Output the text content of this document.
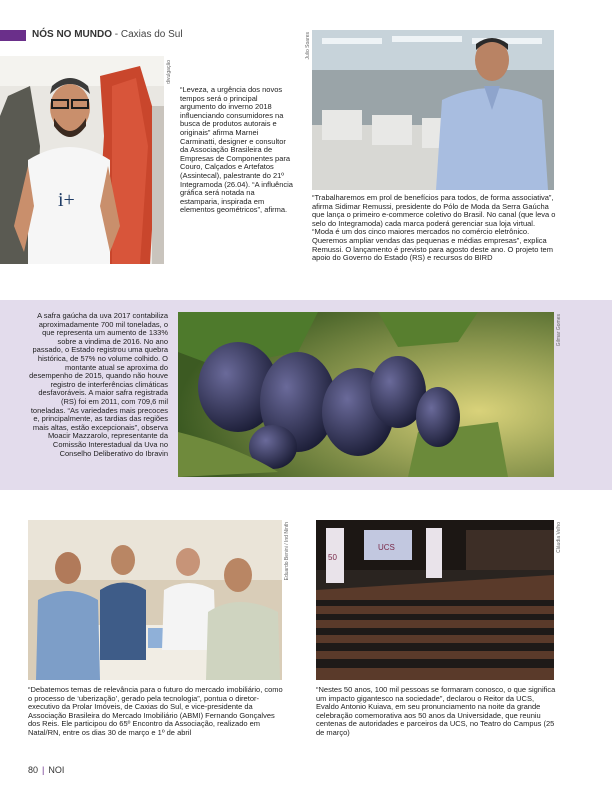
NÓS NO MUNDO - Caxias do Sul
i+
divulgação
“Leveza, a urgência dos novos tempos será o principal argumento do inverno 2018 influenciando consumidores na busca de produtos autorais e originais” afirma Marnei Carminatti, designer e consultor da Associação Brasileira de Empresas de Componentes para Couro, Calçados e Artefatos (Assintecal), palestrante do 21º Integramoda (26.04). “A influência gráfica será notada na estamparia, inspirada em elementos geométricos”, afirma.
Julio Soares
“Trabalharemos em prol de benefícios para todos, de forma associativa”, afirma Sidimar Remussi, presidente do Pólo de Moda da Serra Gaúcha que lança o primeiro e-commerce coletivo do Brasil. No canal (que leva o selo do Integramoda) cada marca poderá gerenciar sua loja virtual. “Moda é um dos cinco maiores mercados no comércio eletrônico. Queremos ampliar vendas das pequenas e médias empresas”, explica Remussi. O lançamento é previsto para agosto deste ano. O projeto tem apoio do Governo do Estado (RS) e recursos do BIRD
A safra gaúcha da uva 2017 contabiliza aproximadamente 700 mil toneladas, o que representa um aumento de 133% sobre a vindima de 2016. No ano passado, o Estado registrou uma quebra histórica, de 57% no volume colhido. O montante atual se aproxima do desempenho de 2015, quando não houve registro de interferências climáticas desfavoráveis. A maior safra registrada (RS) foi em 2011, com 709,6 mil toneladas. “As variedades mais precoces e, principalmente, as tardias das regiões mais altas, estão excepcionais”, observa Moacir Mazzarolo, representante da Comissão Interestadual da Uva no Conselho Deliberativo do Ibravin
Gilmar Gomes
Eduardo Benini / Ind Ninth
“Debatemos temas de relevância para o futuro do mercado imobiliário, como o processo de ‘uberização’, gerado pela tecnologia”, pontua o diretor-executivo da Prolar Imóveis, de Caxias do Sul, e vice-presidente da Associação Brasileira do Mercado Imobiliário (ABMI) Fernando Gonçalves dos Reis. Ele participou do 65º Encontro da Associação, realizado em Natal/RN, entre os dias 30 de março e 1º de abril
UCS
50
Cláudia Velho
“Nestes 50 anos, 100 mil pessoas se formaram conosco, o que significa um impacto gigantesco na sociedade”, declarou o Reitor da UCS, Evaldo Antonio Kuiava, em seu pronunciamento na noite da grande celebração comemorativa aos 50 anos da Universidade, que reuniu centenas de autoridades e parceiros da UCS, no Teatro do Campus (25 de março)
80 | NOI
